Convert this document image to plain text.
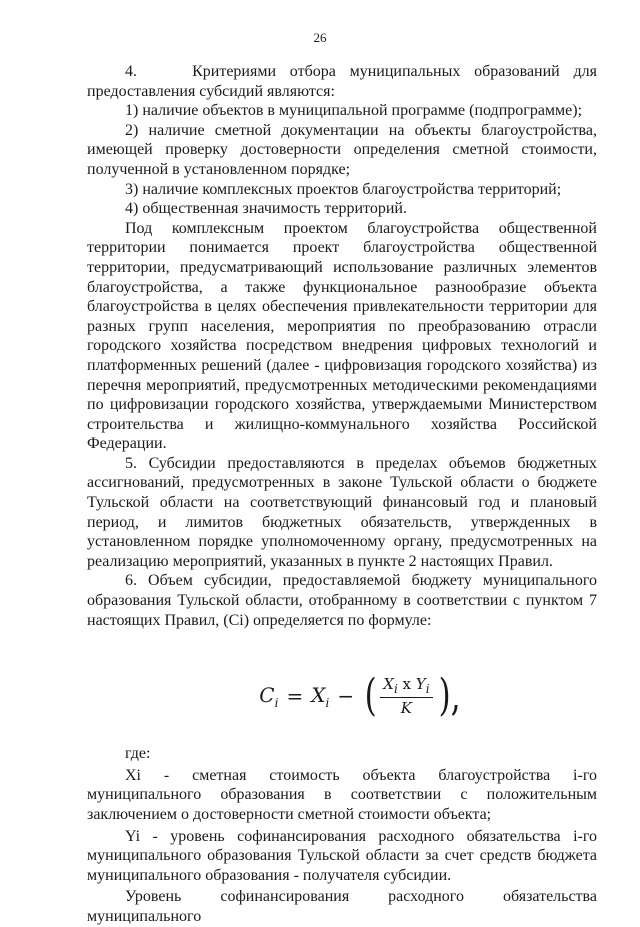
26

4.    Критериями отбора муниципальных образований для предоставления субсидий являются:

1) наличие объектов в муниципальной программе (подпрограмме);

2) наличие сметной документации на объекты благоустройства, имеющей проверку достоверности определения сметной стоимости, полученной в установленном порядке;

3) наличие комплексных проектов благоустройства территорий;

4) общественная значимость территорий.

Под комплексным проектом благоустройства общественной территории понимается проект благоустройства общественной территории, предусматривающий использование различных элементов благоустройства, а также функциональное разнообразие объекта благоустройства в целях обеспечения привлекательности территории для разных групп населения, мероприятия по преобразованию отрасли городского хозяйства посредством внедрения цифровых технологий и платформенных решений (далее - цифровизация городского хозяйства) из перечня мероприятий, предусмотренных методическими рекомендациями по цифровизации городского хозяйства, утверждаемыми Министерством строительства и жилищно-коммунального хозяйства Российской Федерации.

5. Субсидии предоставляются в пределах объемов бюджетных ассигнований, предусмотренных в законе Тульской области о бюджете Тульской области на соответствующий финансовый год и плановый период, и лимитов бюджетных обязательств, утвержденных в установленном порядке уполномоченному органу, предусмотренных на реализацию мероприятий, указанных в пункте 2 настоящих Правил.

6. Объем субсидии, предоставляемой бюджету муниципального образования Тульской области, отобранному в соответствии с пунктом 7 настоящих Правил, (Ci) определяется по формуле:

$C_i = X_i$ − ( $\frac{X_i x Y_i}{K}$ ),

где:

Xi - сметная стоимость объекта благоустройства i-го муниципального образования в соответствии с положительным заключением о достоверности сметной стоимости объекта;

Yi - уровень софинансирования расходного обязательства i-го муниципального образования Тульской области за счет средств бюджета муниципального образования - получателя субсидии.

Уровень софинансирования расходного обязательства муниципального
